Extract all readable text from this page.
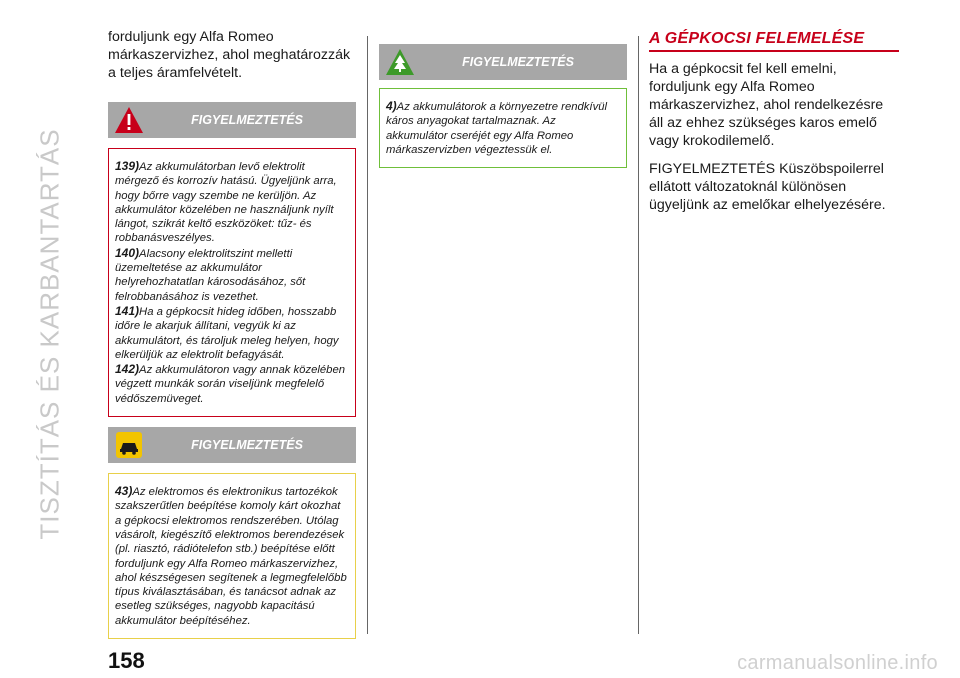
TISZTÍTÁS ÉS KARBANTARTÁS

forduljunk egy Alfa Romeo márkaszervizhez, ahol meghatározzák a teljes áramfelvételt.

FIGYELMEZTETÉS

139)Az akkumulátorban levő elektrolit mérgező és korrozív hatású. Ügyeljünk arra, hogy bőrre vagy szembe ne kerüljön. Az akkumulátor közelében ne használjunk nyílt lángot, szikrát keltő eszközöket: tűz- és robbanásveszélyes.

140)Alacsony elektrolitszint melletti üzemeltetése az akkumulátor helyrehozhatatlan károsodásához, sőt felrobbanásához is vezethet.

141)Ha a gépkocsit hideg időben, hosszabb időre le akarjuk állítani, vegyük ki az akkumulátort, és tároljuk meleg helyen, hogy elkerüljük az elektrolit befagyását.

142)Az akkumulátoron vagy annak közelében végzett munkák során viseljünk megfelelő védőszemüveget.

FIGYELMEZTETÉS

43)Az elektromos és elektronikus tartozékok szakszerűtlen beépítése komoly kárt okozhat a gépkocsi elektromos rendszerében. Utólag vásárolt, kiegészítő elektromos berendezések (pl. riasztó, rádiótelefon stb.) beépítése előtt forduljunk egy Alfa Romeo márkaszervizhez, ahol készségesen segítenek a legmegfelelőbb típus kiválasztásában, és tanácsot adnak az esetleg szükséges, nagyobb kapacitású akkumulátor beépítéséhez.

FIGYELMEZTETÉS

4)Az akkumulátorok a környezetre rendkívül káros anyagokat tartalmaznak. Az akkumulátor cseréjét egy Alfa Romeo márkaszervizben végeztessük el.

A GÉPKOCSI FELEMELÉSE

Ha a gépkocsit fel kell emelni, forduljunk egy Alfa Romeo márkaszervizhez, ahol rendelkezésre áll az ehhez szükséges karos emelő vagy krokodilemelő.

FIGYELMEZTETÉS Küszöbspoilerrel ellátott változatoknál különösen ügyeljünk az emelőkar elhelyezésére.

158	carmanualsonline.info
